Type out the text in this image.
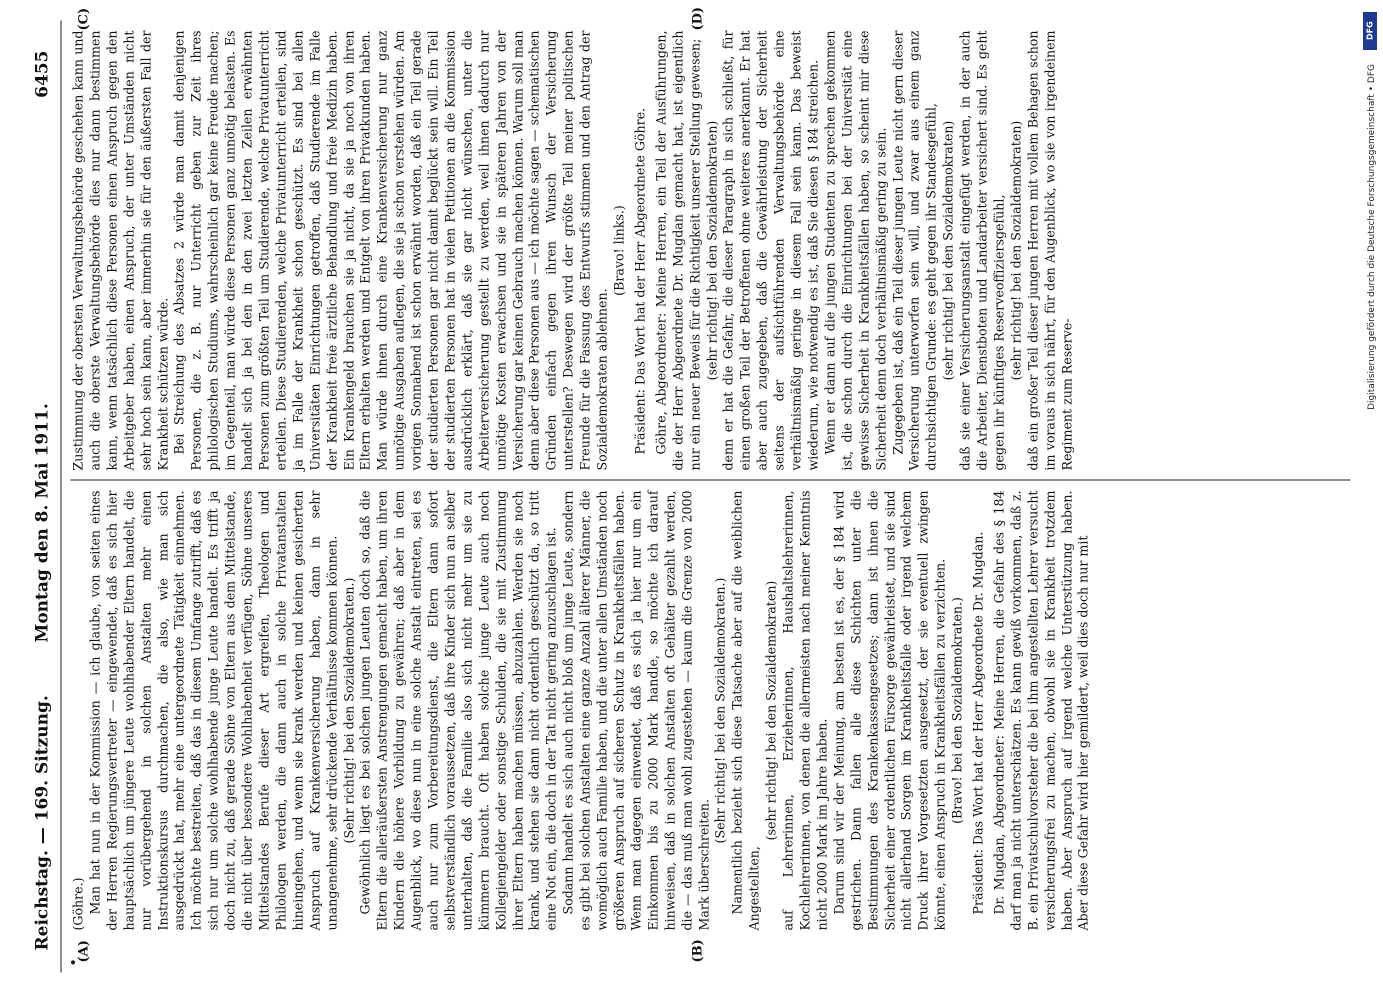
•
Reichstag. — 169. Sitzung.
Montag den 8. Mai 1911.
6455
(A)	(B)
(C)	(D)

(Göhre.) Man hat nun in der Kommission — ich glaube, von seiten eines der Herren Regierungsvertreter — eingewendet, daß es sich hier hauptsächlich um jüngere Leute wohlhabender Eltern handelt, die nur vorübergehend in solchen Anstalten mehr einen Instruktionskursus durchmachen, die also, wie man sich ausgedrückt hat, mehr eine untergeordnete Tätigkeit einnehmen. Ich möchte bestreiten, daß das in diesem Umfange zutrifft, daß es sich nur um solche wohlhabende junge Leute handelt. Es trifft ja doch nicht zu, daß gerade Söhne von Eltern aus dem Mittelstande, die nicht über besondere Wohlhabenheit verfügen, Söhne unseres Mittelstandes Berufe dieser Art ergreifen, Theologen und Philologen werden, die dann auch in solche Privatanstalten hineingehen, und wenn sie krank werden und keinen gesicherten Anspruch auf Krankenversicherung haben, dann in sehr unangenehme, sehr drückende Verhältnisse kommen können. (Sehr richtig! bei den Sozialdemokraten.) Gewöhnlich liegt es bei solchen jungen Leuten doch so, daß die Eltern die alleräußersten Anstrengungen gemacht haben, um ihren Kindern die höhere Vorbildung zu gewähren; daß aber in dem Augenblick, wo diese nun in eine solche Anstalt eintreten, sei es auch nur zum Vorbereitungsdienst, die Eltern dann sofort selbstverständlich voraussetzen, daß ihre Kinder sich nun an selber unterhalten, daß die Familie also sich nicht mehr um sie zu kümmern braucht. Oft haben solche junge Leute auch noch Kollegiengelder oder sonstige Schulden, die sie mit Zustimmung ihrer Eltern haben machen müssen, abzuzahlen. Werden sie noch krank, und stehen sie dann nicht ordentlich geschützt da, so tritt eine Not ein, die doch in der Tat nicht gering anzuschlagen ist. Sodann handelt es sich auch nicht bloß um junge Leute, sondern es gibt bei solchen Anstalten eine ganze Anzahl älterer Männer, die womöglich auch Familie haben, und die unter allen Umständen noch größeren Anspruch auf sicheren Schutz in Krankheitsfällen haben. Wenn man dagegen einwendet, daß es sich ja hier nur um ein Einkommen bis zu 2000 Mark handle, so möchte ich darauf hinweisen, daß in solchen Anstalten oft Gehälter gezahlt werden, die — das muß man wohl zugestehen — kaum die Grenze von 2000 Mark überschreiten.

(Sehr richtig! bei den Sozialdemokraten.) Namentlich bezieht sich diese Tatsache aber auf die weiblichen Angestellten,

(sehr richtig! bei den Sozialdemokraten) auf Lehrerinnen, Erzieherinnen, Haushaltslehrerinnen, Kochlehrerinnen, von denen die allermeisten nach meiner Kenntnis nicht 2000 Mark im Jahre haben. Darum sind wir der Meinung, am besten ist es, der § 184 wird gestrichen. Dann fallen alle diese Schichten unter die Bestimmungen des Krankenkassengesetzes; dann ist ihnen die Sicherheit einer ordentlichen Fürsorge gewährleistet, und sie sind nicht allerhand Sorgen im Krankheitsfalle oder irgend welchem Druck ihrer Vorgesetzten ausgesetzt, der sie eventuell zwingen könnte, einen Anspruch in Krankheitsfällen zu verzichten. (Bravo! bei den Sozialdemokraten.) Präsident: Das Wort hat der Herr Abgeordnete Dr. Mugdan. Dr. Mugdan, Abgeordneter: Meine Herren, die Gefahr des § 184 darf man ja nicht unterschätzen. Es kann gewiß vorkommen, daß z. B. ein Privatschulvorsteher die bei ihm angestellten Lehrer versucht versicherungsfrei zu machen, obwohl sie in Krankheit trotzdem haben. Aber Anspruch auf irgend welche Unterstützung haben. Aber diese Gefahr wird hier gemildert, weil dies doch nur mit

Zustimmung der obersten Verwaltungsbehörde geschehen kann und auch die oberste Verwaltungsbehörde dies nur dann bestimmen kann, wenn tatsächlich diese Personen einen Anspruch gegen den Arbeitgeber haben, einen Anspruch, der unter Umständen nicht sehr hoch sein kann, aber immerhin sie für den äußersten Fall der Krankheit schützen würde. Bei Streichung des Absatzes 2 würde man damit denjenigen Personen, die z. B. nur Unterricht geben zur Zeit ihres philologischen Studiums, wahrscheinlich gar keine Freude machen; im Gegenteil, man würde diese Personen ganz unnötig belasten. Es handelt sich ja bei den in den zwei letzten Zeilen erwähnten Personen zum größten Teil um Studierende, welche Privatunterricht erteilen. Diese Studierenden, welche Privatunterricht erteilen, sind ja im Falle der Krankheit schon geschützt. Es sind bei allen Universitäten Einrichtungen getroffen, daß Studierende im Falle der Krankheit freie ärztliche Behandlung und freie Medizin haben. Ein Krankengeld brauchen sie ja nicht, da sie ja noch von ihren Eltern erhalten werden und Entgelt von ihren Privatkunden haben. Man würde ihnen durch eine Krankenversicherung nur ganz unnötige Ausgaben auflegen, die sie ja schon verstehen würden. Am vorigen Sonnabend ist schon erwähnt worden, daß ein Teil gerade der studierten Personen gar nicht damit beglückt sein will. Ein Teil der studierten Personen hat in vielen Petitionen an die Kommission ausdrücklich erklärt, daß sie gar nicht wünschen, unter die Arbeiterversicherung gestellt zu werden, weil ihnen dadurch nur unnötige Kosten erwachsen und sie in späteren Jahren von der Versicherung gar keinen Gebrauch machen können. Warum soll man denn aber diese Personen aus — ich möchte sagen — schematischen Gründen einfach gegen ihren Wunsch der Versicherung unterstellen? Deswegen wird der größte Teil meiner politischen Freunde für die Fassung des Entwurfs stimmen und den Antrag der Sozialdemokraten ablehnen.

(Bravo! links.) Präsident: Das Wort hat der Herr Abgeordnete Göhre. Göhre, Abgeordneter: Meine Herren, ein Teil der Ausführungen, die der Herr Abgeordnete Dr. Mugdan gemacht hat, ist eigentlich nur ein neuer Beweis für die Richtigkeit unserer Stellung gewesen; (sehr richtig! bei den Sozialdemokraten) denn er hat die Gefahr, die dieser Paragraph in sich schließt, für einen großen Teil der Betroffenen ohne weiteres anerkannt. Er hat aber auch zugegeben, daß die Gewährleistung der Sicherheit seitens der aufsichtführenden Verwaltungsbehörde eine verhältnismäßig geringe in diesem Fall sein kann. Das beweist wiederum, wie notwendig es ist, daß Sie diesen § 184 streichen. Wenn er dann auf die jungen Studenten zu sprechen gekommen ist, die schon durch die Einrichtungen bei der Universität eine gewisse Sicherheit in Krankheitsfällen haben, so scheint mir diese Sicherheit denn doch verhältnismäßig gering zu sein. Zugegeben ist, daß ein Teil dieser jungen Leute nicht gern dieser Versicherung unterworfen sein will, und zwar aus einem ganz durchsichtigen Grunde: es geht gegen ihr Standesgefühl, (sehr richtig! bei den Sozialdemokraten) daß sie einer Versicherungsanstalt eingefügt werden, in der auch die Arbeiter, Dienstboten und Landarbeiter versichert sind. Es geht gegen ihr künftiges Reserveoffiziersgefühl, (sehr richtig! bei den Sozialdemokraten) daß ein großer Teil dieser jungen Herren mit vollem Behagen schon im voraus in sich nährt, für den Augenblick, wo sie von irgendeinem Regiment zum Reserve-

DFG
Digitalisierung gefördert durch die Deutsche Forschungsgemeinschaft • DFG
